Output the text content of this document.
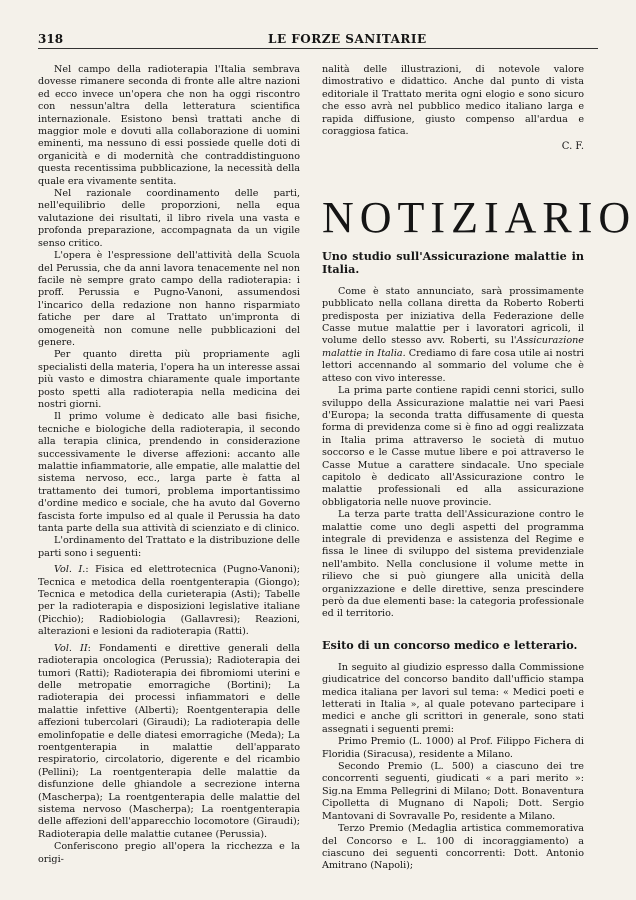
318	LE FORZE SANITARIE

Nel campo della radioterapia l'Italia sembrava dovesse rimanere seconda di fronte alle altre nazioni ed ecco invece un'opera che non ha oggi riscontro con nessun'altra della letteratura scientifica internazionale. Esistono bensì trattati anche di maggior mole e dovuti alla collaborazione di uomini eminenti, ma nessuno di essi possiede quelle doti di organicità e di modernità che contraddistinguono questa recentissima pubblicazione, la necessità della quale era vivamente sentita.

Nel razionale coordinamento delle parti, nell'equilibrio delle proporzioni, nella equa valutazione dei risultati, il libro rivela una vasta e profonda preparazione, accompagnata da un vigile senso critico.

L'opera è l'espressione dell'attività della Scuola del Perussia, che da anni lavora tenacemente nel non facile nè sempre grato campo della radioterapia: i proff. Perussia e Pugno-Vanoni, assumendosi l'incarico della redazione non hanno risparmiato fatiche per dare al Trattato un'impronta di omogeneità non comune nelle pubblicazioni del genere.

Per quanto diretta più propriamente agli specialisti della materia, l'opera ha un interesse assai più vasto e dimostra chiaramente quale importante posto spetti alla radioterapia nella medicina dei nostri giorni.

Il primo volume è dedicato alle basi fisiche, tecniche e biologiche della radioterapia, il secondo alla terapia clinica, prendendo in considerazione successivamente le diverse affezioni: accanto alle malattie infiammatorie, alle empatie, alle malattie del sistema nervoso, ecc., larga parte è fatta al trattamento dei tumori, problema importantissimo d'ordine medico e sociale, che ha avuto dal Governo fascista forte impulso ed al quale il Perussia ha dato tanta parte della sua attività di scienziato e di clinico.

L'ordinamento del Trattato e la distribuzione delle parti sono i seguenti:

Vol. I.: Fisica ed elettrotecnica (Pugno-Vanoni); Tecnica e metodica della roentgenterapia (Giongo); Tecnica e metodica della curieterapia (Asti); Tabelle per la radioterapia e disposizioni legislative italiane (Picchio); Radiobiologia (Gallavresi); Reazioni, alterazioni e lesioni da radioterapia (Ratti).

Vol. II: Fondamenti e direttive generali della radioterapia oncologica (Perussia); Radioterapia dei tumori (Ratti); Radioterapia dei fibromiomi uterini e delle metropatie emorragiche (Bortini); La radioterapia dei processi infiammatori e delle malattie infettive (Alberti); Roentgenterapia delle affezioni tubercolari (Giraudi); La radioterapia delle emolinfopatie e delle diatesi emorragiche (Meda); La roentgenterapia in malattie dell'apparato respiratorio, circolatorio, digerente e del ricambio (Pellini); La roentgenterapia delle malattie da disfunzione delle ghiandole a secrezione interna (Mascherpa); La roentgenterapia delle malattie del sistema nervoso (Mascherpa); La roentgenterapia delle affezioni dell'apparecchio locomotore (Giraudi); Radioterapia delle malattie cutanee (Perussia).

Conferiscono pregio all'opera la ricchezza e la origi-

nalità delle illustrazioni, di notevole valore dimostrativo e didattico. Anche dal punto di vista editoriale il Trattato merita ogni elogio e sono sicuro che esso avrà nel pubblico medico italiano larga e rapida diffusione, giusto compenso all'ardua e coraggiosa fatica.

C. F.
NOTIZIARIO
Uno studio sull'Assicurazione malattie in Italia.

Come è stato annunciato, sarà prossimamente pubblicato nella collana diretta da Roberto Roberti predisposta per iniziativa della Federazione delle Casse mutue malattie per i lavoratori agricoli, il volume dello stesso avv. Roberti, su l'Assicurazione malattie in Italia. Crediamo di fare cosa utile ai nostri lettori accennando al sommario del volume che è atteso con vivo interesse.

La prima parte contiene rapidi cenni storici, sullo sviluppo della Assicurazione malattie nei vari Paesi d'Europa; la seconda tratta diffusamente di questa forma di previdenza come si è fino ad oggi realizzata in Italia prima attraverso le società di mutuo soccorso e le Casse mutue libere e poi attraverso le Casse Mutue a carattere sindacale. Uno speciale capitolo è dedicato all'Assicurazione contro le malattie professionali ed alla assicurazione obbligatoria nelle nuove provincie.

La terza parte tratta dell'Assicurazione contro le malattie come uno degli aspetti del programma integrale di previdenza e assistenza del Regime e fissa le linee di sviluppo del sistema previdenziale nell'ambito. Nella conclusione il volume mette in rilievo che si può giungere alla unicità della organizzazione e delle direttive, senza prescindere però da due elementi base: la categoria professionale ed il territorio.

Esito di un concorso medico e letterario.

In seguito al giudizio espresso dalla Commissione giudicatrice del concorso bandito dall'ufficio stampa medica italiana per lavori sul tema: « Medici poeti e letterati in Italia », al quale potevano partecipare i medici e anche gli scrittori in generale, sono stati assegnati i seguenti premi:

Primo Premio (L. 1000) al Prof. Filippo Fichera di Floridia (Siracusa), residente a Milano.

Secondo Premio (L. 500) a ciascuno dei tre concorrenti seguenti, giudicati « a pari merito »: Sig.na Emma Pellegrini di Milano; Dott. Bonaventura Cipolletta di Mugnano di Napoli; Dott. Sergio Mantovani di Sovravalle Po, residente a Milano.

Terzo Premio (Medaglia artistica commemorativa del Concorso e L. 100 di incoraggiamento) a ciascuno dei seguenti concorrenti: Dott. Antonio Amitrano (Napoli);
